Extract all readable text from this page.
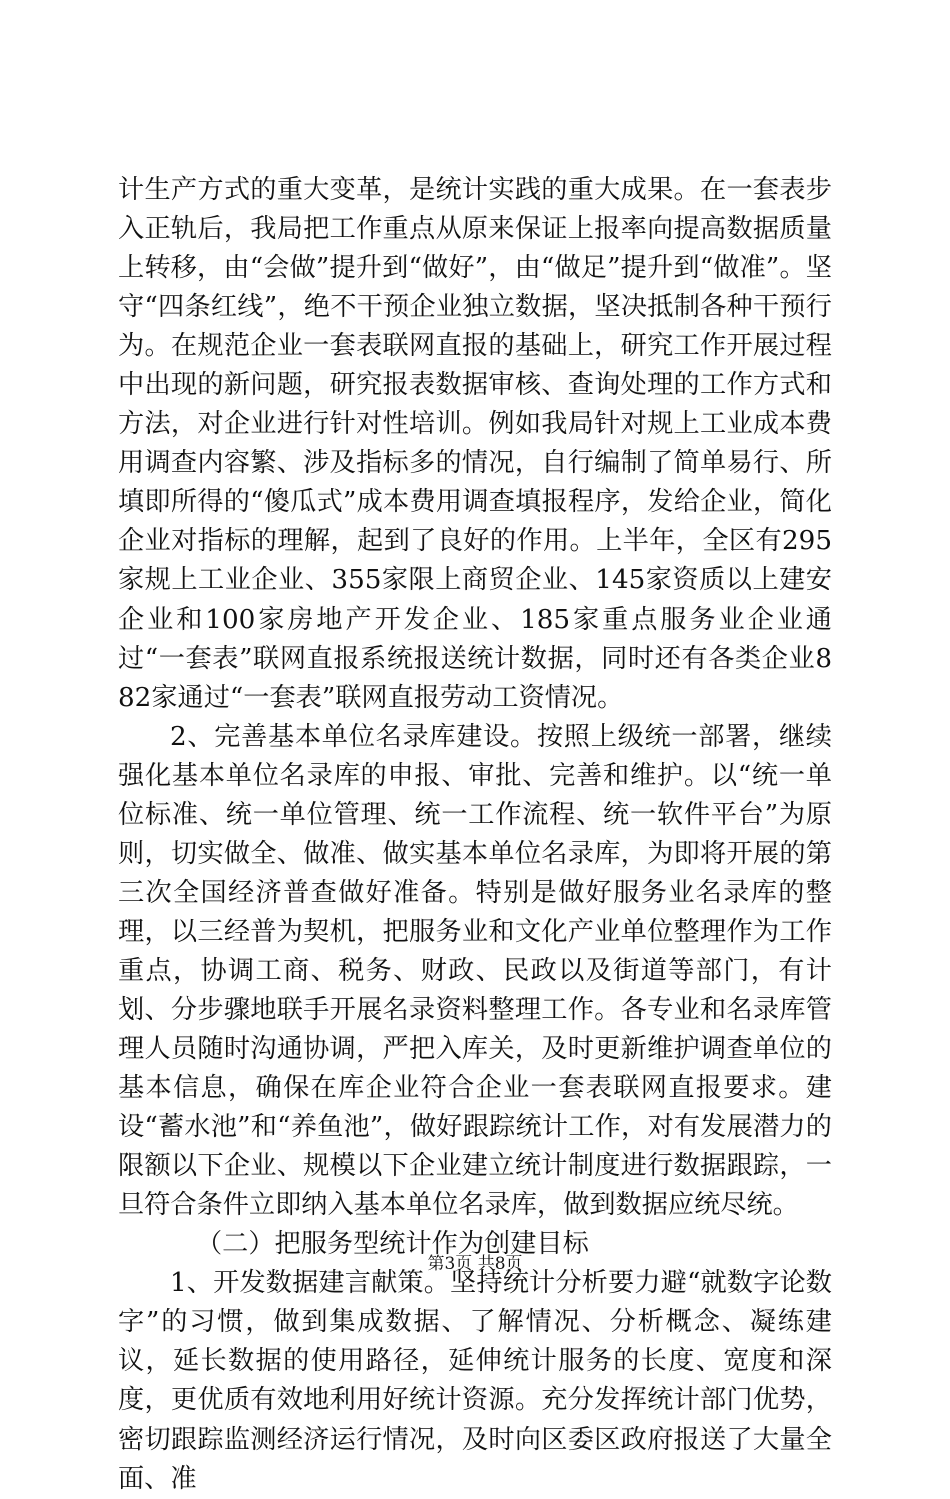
计生产方式的重大变革，是统计实践的重大成果。在一套表步入正轨后，我局把工作重点从原来保证上报率向提高数据质量上转移，由“会做”提升到“做好”，由“做足”提升到“做准”。坚守“四条红线”，绝不干预企业独立数据，坚决抵制各种干预行为。在规范企业一套表联网直报的基础上，研究工作开展过程中出现的新问题，研究报表数据审核、查询处理的工作方式和方法，对企业进行针对性培训。例如我局针对规上工业成本费用调查内容繁、涉及指标多的情况，自行编制了简单易行、所填即所得的“傻瓜式”成本费用调查填报程序，发给企业，简化企业对指标的理解，起到了良好的作用。上半年，全区有295家规上工业企业、355家限上商贸企业、145家资质以上建安企业和100家房地产开发企业、185家重点服务业企业通过“一套表”联网直报系统报送统计数据，同时还有各类企业882家通过“一套表”联网直报劳动工资情况。

2、完善基本单位名录库建设。按照上级统一部署，继续强化基本单位名录库的申报、审批、完善和维护。以“统一单位标准、统一单位管理、统一工作流程、统一软件平台”为原则，切实做全、做准、做实基本单位名录库，为即将开展的第三次全国经济普查做好准备。特别是做好服务业名录库的整理，以三经普为契机，把服务业和文化产业单位整理作为工作重点，协调工商、税务、财政、民政以及街道等部门，有计划、分步骤地联手开展名录资料整理工作。各专业和名录库管理人员随时沟通协调，严把入库关，及时更新维护调查单位的基本信息，确保在库企业符合企业一套表联网直报要求。建设“蓄水池”和“养鱼池”，做好跟踪统计工作，对有发展潜力的限额以下企业、规模以下企业建立统计制度进行数据跟踪，一旦符合条件立即纳入基本单位名录库，做到数据应统尽统。

（二）把服务型统计作为创建目标

1、开发数据建言献策。坚持统计分析要力避“就数字论数字”的习惯，做到集成数据、了解情况、分析概念、凝练建议，延长数据的使用路径，延伸统计服务的长度、宽度和深度，更优质有效地利用好统计资源。充分发挥统计部门优势，密切跟踪监测经济运行情况，及时向区委区政府报送了大量全面、准

第3页 共8页
